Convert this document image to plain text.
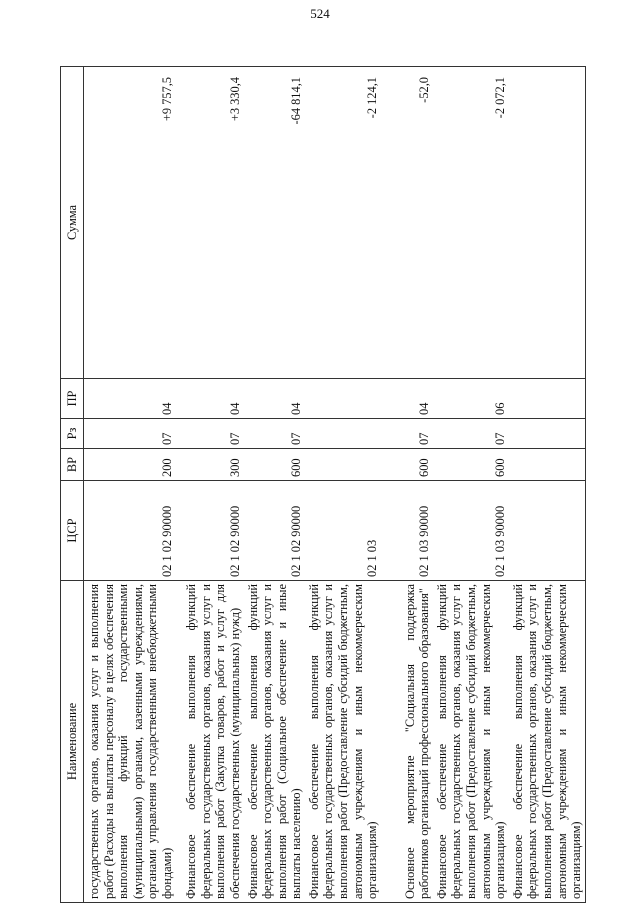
524
Наименование	ЦСР	ВР	Рз	ПР	Сумма
государственных органов, оказания услуг и выполнения работ (Расходы на выплаты персоналу в целях обеспечения выполнения функций государственными (муниципальными) органами, казенными учреждениями, органами управления государственными внебюджетными фондами)	02 1 02 90000	200	07	04	+9 757,5
Финансовое обеспечение выполнения функций федеральных государственных органов, оказания услуг и выполнения работ (Закупка товаров, работ и услуг для обеспечения государственных (муниципальных) нужд)	02 1 02 90000	300	07	04	+3 330,4
Финансовое обеспечение выполнения функций федеральных государственных органов, оказания услуг и выполнения работ (Социальное обеспечение и иные выплаты населению)	02 1 02 90000	600	07	04	-64 814,1
Финансовое обеспечение выполнения функций федеральных государственных органов, оказания услуг и выполнения работ (Предоставление субсидий бюджетным, автономным учреждениям и иным некоммерческим организациям)	02 1 03				-2 124,1
Основное мероприятие "Социальная поддержка работников организаций профессионального образования"	02 1 03 90000	600	07	04	-52,0
Финансовое обеспечение выполнения функций федеральных государственных органов, оказания услуг и выполнения работ (Предоставление субсидий бюджетным, автономным учреждениям и иным некоммерческим организациям)	02 1 03 90000	600	07	06	-2 072,1
Финансовое обеспечение выполнения функций федеральных государственных органов, оказания услуг и выполнения работ (Предоставление субсидий бюджетным, автономным учреждениям и иным некоммерческим организациям)					
